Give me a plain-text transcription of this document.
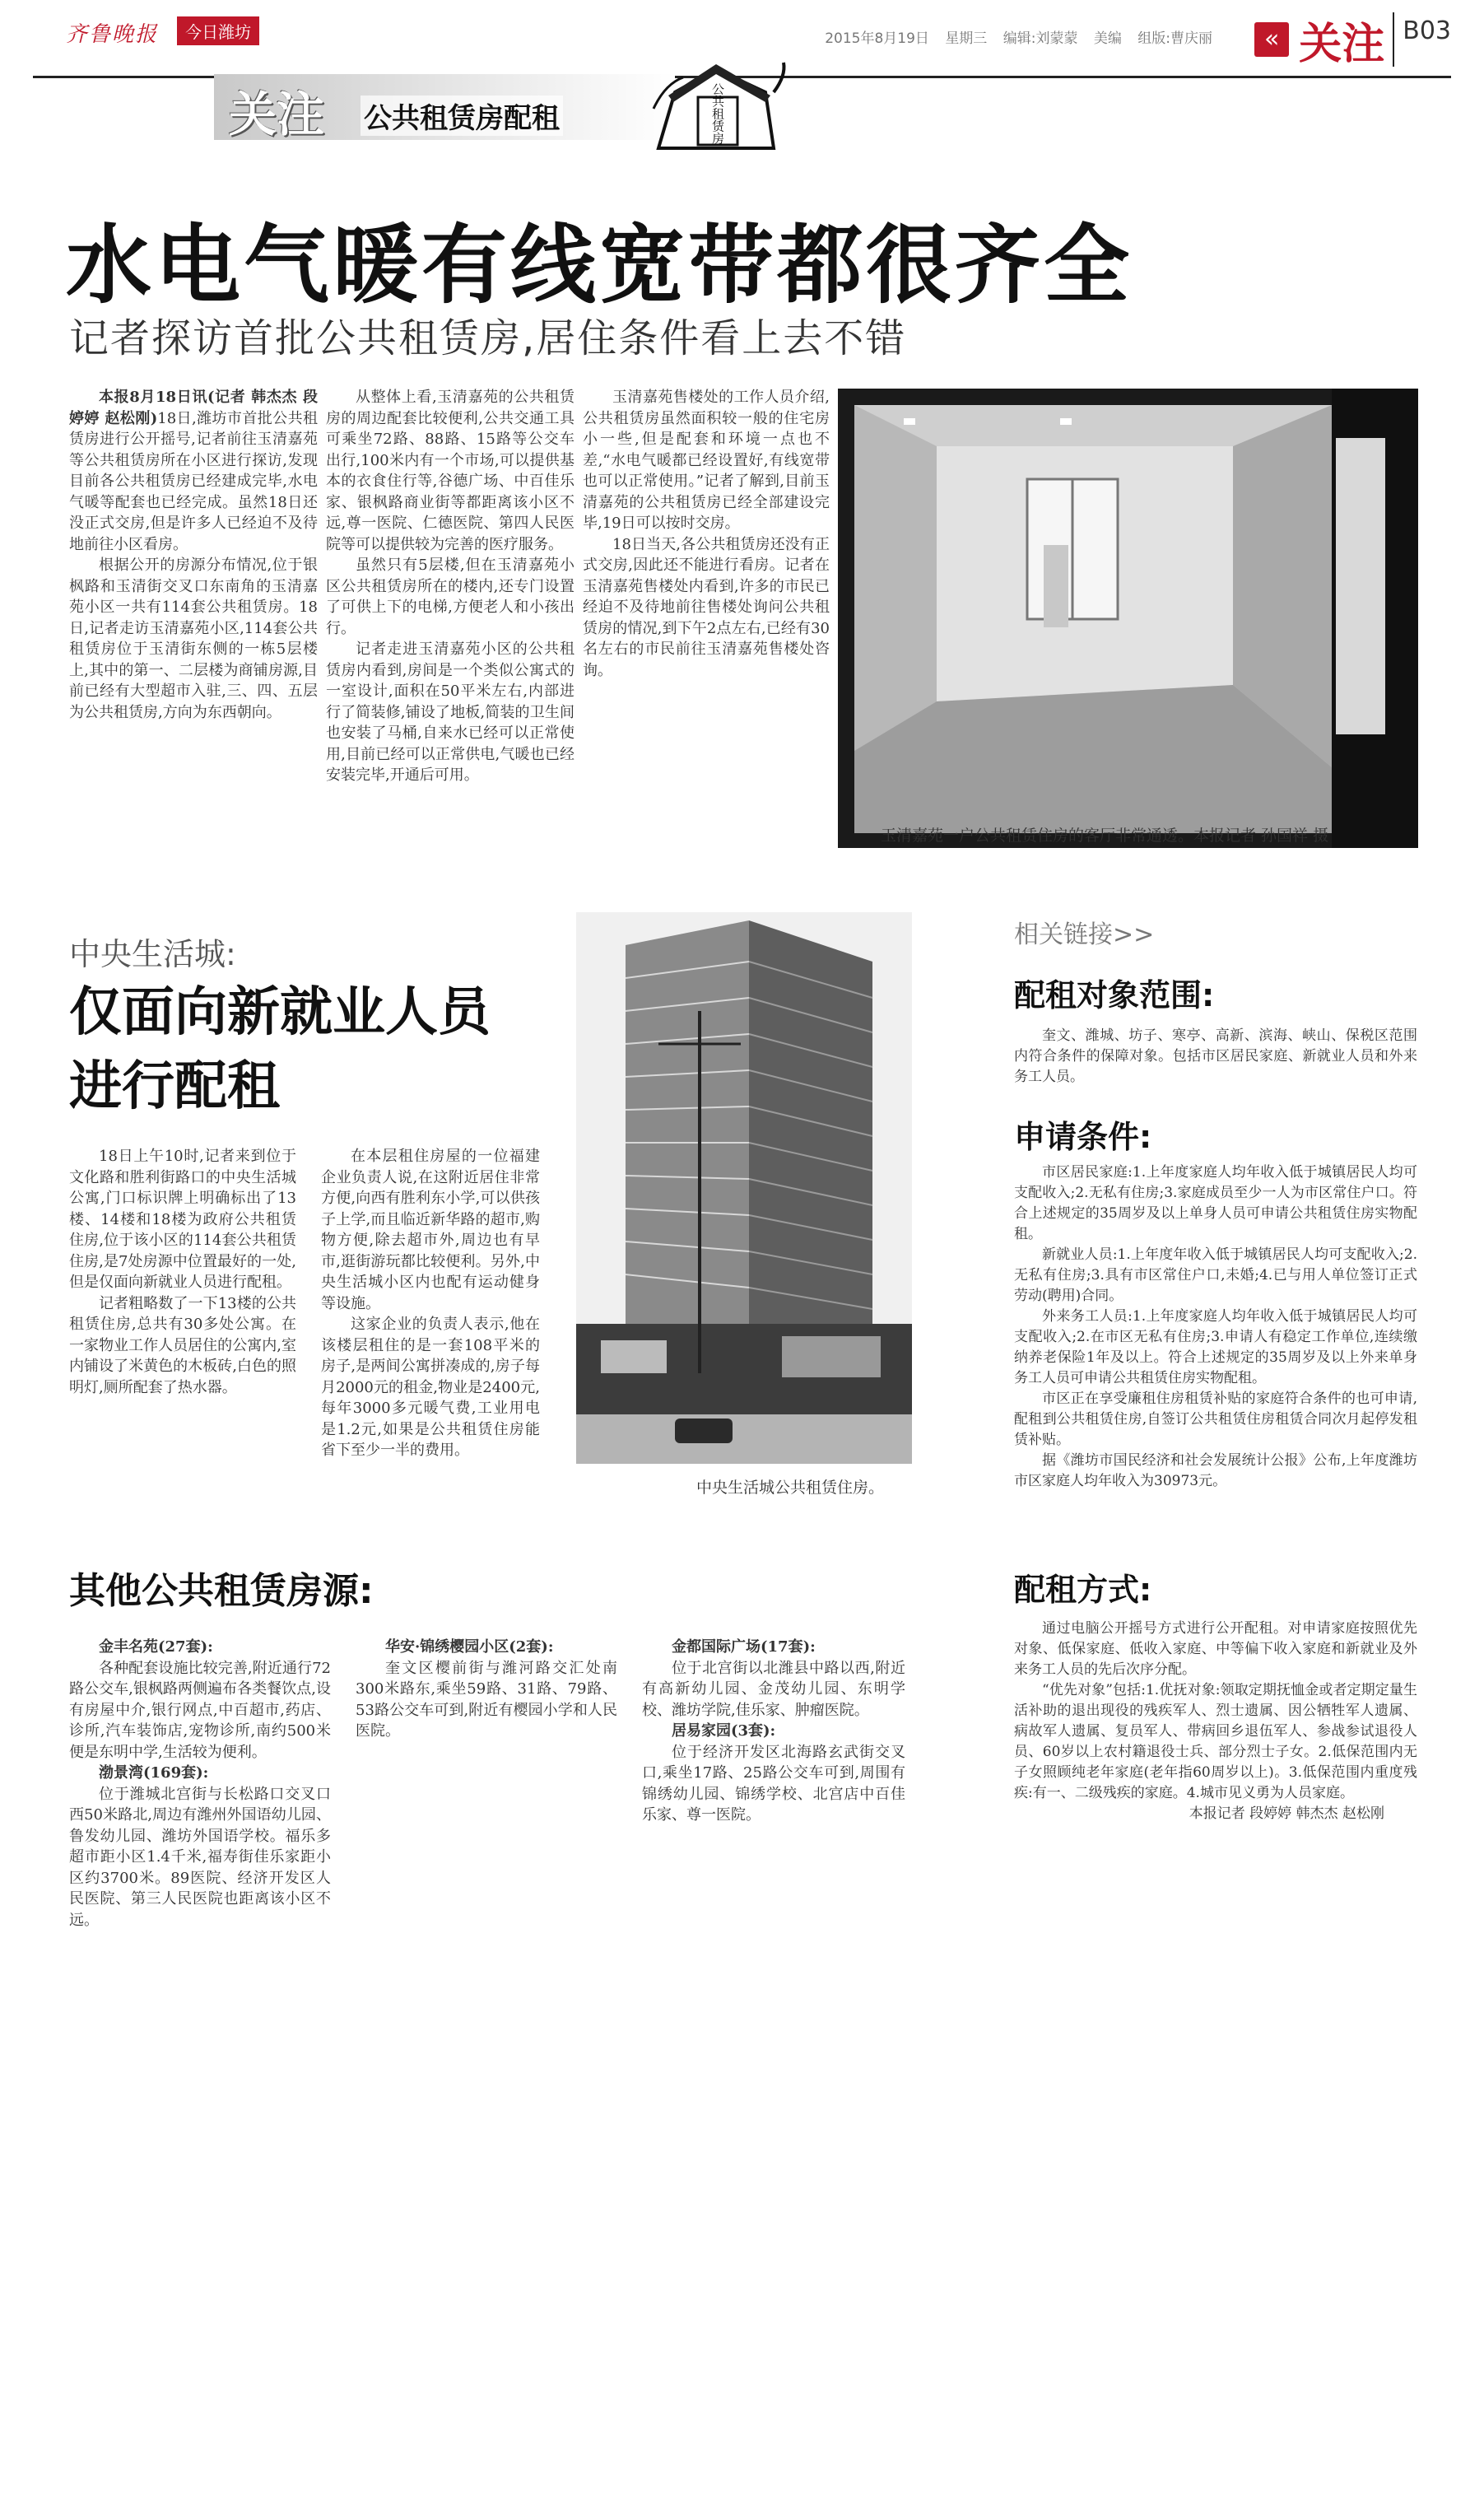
齐鲁晚报 今日潍坊	2015年8月19日 星期三 编辑:刘蒙蒙 美编 组版:曹庆丽	« 关注 B03
关注 公共租赁房配租	公共租赁房
水电气暖有线宽带都很齐全
记者探访首批公共租赁房,居住条件看上去不错

本报8月18日讯(记者 韩杰杰 段婷婷 赵松刚)18日,潍坊市首批公共租赁房进行公开摇号,记者前往玉清嘉苑等公共租赁房所在小区进行探访,发现目前各公共租赁房已经建成完毕,水电气暖等配套也已经完成。虽然18日还没正式交房,但是许多人已经迫不及待地前往小区看房。

根据公开的房源分布情况,位于银枫路和玉清街交叉口东南角的玉清嘉苑小区一共有114套公共租赁房。18日,记者走访玉清嘉苑小区,114套公共租赁房位于玉清街东侧的一栋5层楼上,其中的第一、二层楼为商铺房源,目前已经有大型超市入驻,三、四、五层为公共租赁房,方向为东西朝向。

从整体上看,玉清嘉苑的公共租赁房的周边配套比较便利,公共交通工具可乘坐72路、88路、15路等公交车出行,100米内有一个市场,可以提供基本的衣食住行等,谷德广场、中百佳乐家、银枫路商业街等都距离该小区不远,尊一医院、仁德医院、第四人民医院等可以提供较为完善的医疗服务。

虽然只有5层楼,但在玉清嘉苑小区公共租赁房所在的楼内,还专门设置了可供上下的电梯,方便老人和小孩出行。

记者走进玉清嘉苑小区的公共租赁房内看到,房间是一个类似公寓式的一室设计,面积在50平米左右,内部进行了简装修,铺设了地板,简装的卫生间也安装了马桶,自来水已经可以正常使用,目前已经可以正常供电,气暖也已经安装完毕,开通后可用。

玉清嘉苑售楼处的工作人员介绍,公共租赁房虽然面积较一般的住宅房小一些,但是配套和环境一点也不差,“水电气暖都已经设置好,有线宽带也可以正常使用。”记者了解到,目前玉清嘉苑的公共租赁房已经全部建设完毕,19日可以按时交房。

18日当天,各公共租赁房还没有正式交房,因此还不能进行看房。记者在玉清嘉苑售楼处内看到,许多的市民已经迫不及待地前往售楼处询问公共租赁房的情况,到下午2点左右,已经有30名左右的市民前往玉清嘉苑售楼处咨询。

玉清嘉苑一户公共租赁住房的客厅非常通透。本报记者 孙国祥 摄
中央生活城:
仅面向新就业人员
进行配租

18日上午10时,记者来到位于文化路和胜利街路口的中央生活城公寓,门口标识牌上明确标出了13楼、14楼和18楼为政府公共租赁住房,位于该小区的114套公共租赁住房,是7处房源中位置最好的一处,但是仅面向新就业人员进行配租。

记者粗略数了一下13楼的公共租赁住房,总共有30多处公寓。在一家物业工作人员居住的公寓内,室内铺设了米黄色的木板砖,白色的照明灯,厕所配套了热水器。

在本层租住房屋的一位福建企业负责人说,在这附近居住非常方便,向西有胜利东小学,可以供孩子上学,而且临近新华路的超市,购物方便,除去超市外,周边也有早市,逛街游玩都比较便利。另外,中央生活城小区内也配有运动健身等设施。

这家企业的负责人表示,他在该楼层租住的是一套108平米的房子,是两间公寓拼凑成的,房子每月2000元的租金,物业是2400元,每年3000多元暖气费,工业用电是1.2元,如果是公共租赁住房能省下至少一半的费用。

中央生活城公共租赁住房。
相关链接>>
配租对象范围:

奎文、潍城、坊子、寒亭、高新、滨海、峡山、保税区范围内符合条件的保障对象。包括市区居民家庭、新就业人员和外来务工人员。

申请条件:

市区居民家庭:1.上年度家庭人均年收入低于城镇居民人均可支配收入;2.无私有住房;3.家庭成员至少一人为市区常住户口。符合上述规定的35周岁及以上单身人员可申请公共租赁住房实物配租。

新就业人员:1.上年度年收入低于城镇居民人均可支配收入;2.无私有住房;3.具有市区常住户口,未婚;4.已与用人单位签订正式劳动(聘用)合同。

外来务工人员:1.上年度家庭人均年收入低于城镇居民人均可支配收入;2.在市区无私有住房;3.申请人有稳定工作单位,连续缴纳养老保险1年及以上。符合上述规定的35周岁及以上外来单身务工人员可申请公共租赁住房实物配租。

市区正在享受廉租住房租赁补贴的家庭符合条件的也可申请,配租到公共租赁住房,自签订公共租赁住房租赁合同次月起停发租赁补贴。

据《潍坊市国民经济和社会发展统计公报》公布,上年度潍坊市区家庭人均年收入为30973元。

配租方式:

通过电脑公开摇号方式进行公开配租。对申请家庭按照优先对象、低保家庭、低收入家庭、中等偏下收入家庭和新就业及外来务工人员的先后次序分配。

“优先对象”包括:1.优抚对象:领取定期抚恤金或者定期定量生活补助的退出现役的残疾军人、烈士遗属、因公牺牲军人遗属、病故军人遗属、复员军人、带病回乡退伍军人、参战参试退役人员、60岁以上农村籍退役士兵、部分烈士子女。2.低保范围内无子女照顾纯老年家庭(老年指60周岁以上)。3.低保范围内重度残疾:有一、二级残疾的家庭。4.城市见义勇为人员家庭。

本报记者 段婷婷 韩杰杰 赵松刚

其他公共租赁房源:

金丰名苑(27套):

各种配套设施比较完善,附近通行72路公交车,银枫路两侧遍布各类餐饮点,设有房屋中介,银行网点,中百超市,药店、诊所,汽车装饰店,宠物诊所,南约500米便是东明中学,生活较为便利。

渤景湾(169套):

位于潍城北宫街与长松路口交叉口西50米路北,周边有潍州外国语幼儿园、鲁发幼儿园、潍坊外国语学校。福乐多超市距小区1.4千米,福寿街佳乐家距小区约3700米。89医院、经济开发区人民医院、第三人民医院也距离该小区不远。

华安·锦绣樱园小区(2套):

奎文区樱前街与潍河路交汇处南300米路东,乘坐59路、31路、79路、53路公交车可到,附近有樱园小学和人民医院。

金都国际广场(17套):

位于北宫街以北潍县中路以西,附近有高新幼儿园、金茂幼儿园、东明学校、潍坊学院,佳乐家、肿瘤医院。

居易家园(3套):

位于经济开发区北海路玄武街交叉口,乘坐17路、25路公交车可到,周围有锦绣幼儿园、锦绣学校、北宫店中百佳乐家、尊一医院。
